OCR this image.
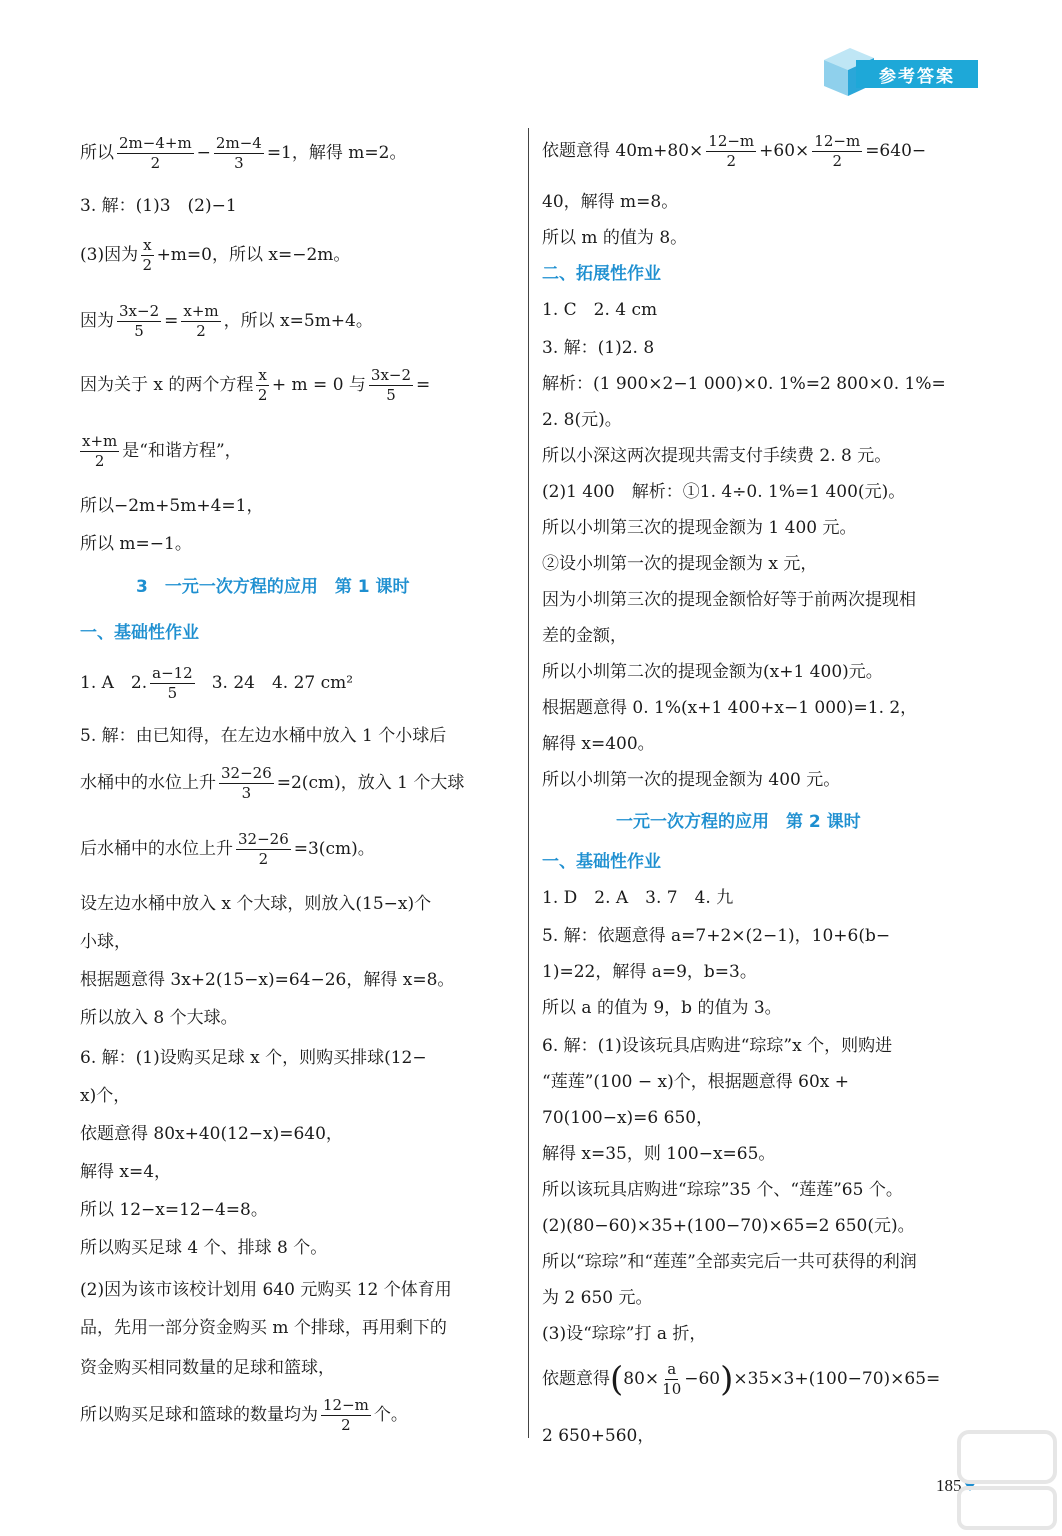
参考答案
所以 $\frac{2m-4+m}{2} - \frac{2m-4}{3} =1$，解得 m=2。
3. 解：(1)3　(2)−1
(3)因为 $\frac{x}{2} +m=0$，所以 x=−2m。
因为 $\frac{3x-2}{5} = \frac{x+m}{2}$ ，所以 x=5m+4。
因为关于 x 的两个方程 $\frac{x}{2} + m = 0$ 与 $\frac{3x-2}{5}$ =
$\frac{x+m}{2}$ 是“和谐方程”，
所以−2m+5m+4=1，
所以 m=−1。
3　一元一次方程的应用　第 1 课时
一、基础性作业
1. A　2. $\frac{a-12}{5} 3$. 24　4. 27 cm²
5. 解：由已知得，在左边水桶中放入 1 个小球后
水桶中的水位上升 $\frac{32-26}{3} =2(cm)$，放入 1 个大球
后水桶中的水位上升 $\frac{32-26}{2} =3(cm)$。
设左边水桶中放入 x 个大球，则放入(15−x)个
小球，
根据题意得 3x+2(15−x)=64−26，解得 x=8。
所以放入 8 个大球。
6. 解：(1)设购买足球 x 个，则购买排球(12−
x)个，
依题意得 80x+40(12−x)=640，
解得 x=4，
所以 12−x=12−4=8。
所以购买足球 4 个、排球 8 个。
(2)因为该市该校计划用 640 元购买 12 个体育用
品，先用一部分资金购买 m 个排球，再用剩下的
资金购买相同数量的足球和篮球，
所以购买足球和篮球的数量均为 $\frac{12-m}{2}$ 个。
依题意得 $40m+80\times \frac{12-m}{2} +60\times \frac{12-m}{2} =640-$
40，解得 m=8。
所以 m 的值为 8。
二、拓展性作业
1. C　2. 4 cm
3. 解：(1)2. 8
解析：(1 900×2−1 000)×0. 1%=2 800×0. 1%=
2. 8(元)。
所以小深这两次提现共需支付手续费 2. 8 元。
(2)1 400　解析：①1. 4÷0. 1%=1 400(元)。
所以小圳第三次的提现金额为 1 400 元。
②设小圳第一次的提现金额为 x 元，
因为小圳第三次的提现金额恰好等于前两次提现相
差的金额，
所以小圳第二次的提现金额为(x+1 400)元。
根据题意得 0. 1%(x+1 400+x−1 000)=1. 2，
解得 x=400。
所以小圳第一次的提现金额为 400 元。
一元一次方程的应用　第 2 课时
一、基础性作业
1. D　2. A　3. 7　4. 九
5. 解：依题意得 a=7+2×(2−1)，10+6(b−
1)=22，解得 a=9，b=3。
所以 a 的值为 9，b 的值为 3。
6. 解：(1)设该玩具店购进“琮琮”x 个，则购进
“莲莲”(100 − x)个，根据题意得 60x +
70(100−x)=6 650，
解得 x=35，则 100−x=65。
所以该玩具店购进“琮琮”35 个、“莲莲”65 个。
(2)(80−60)×35+(100−70)×65=2 650(元)。
所以“琮琮”和“莲莲”全部卖完后一共可获得的利润
为 2 650 元。
(3)设“琮琮”打 a 折，
依题意得$(80\times \frac{a}{10} -60)\times 35\times 3+(100-70)\times 65=$
2 650+560，
185
